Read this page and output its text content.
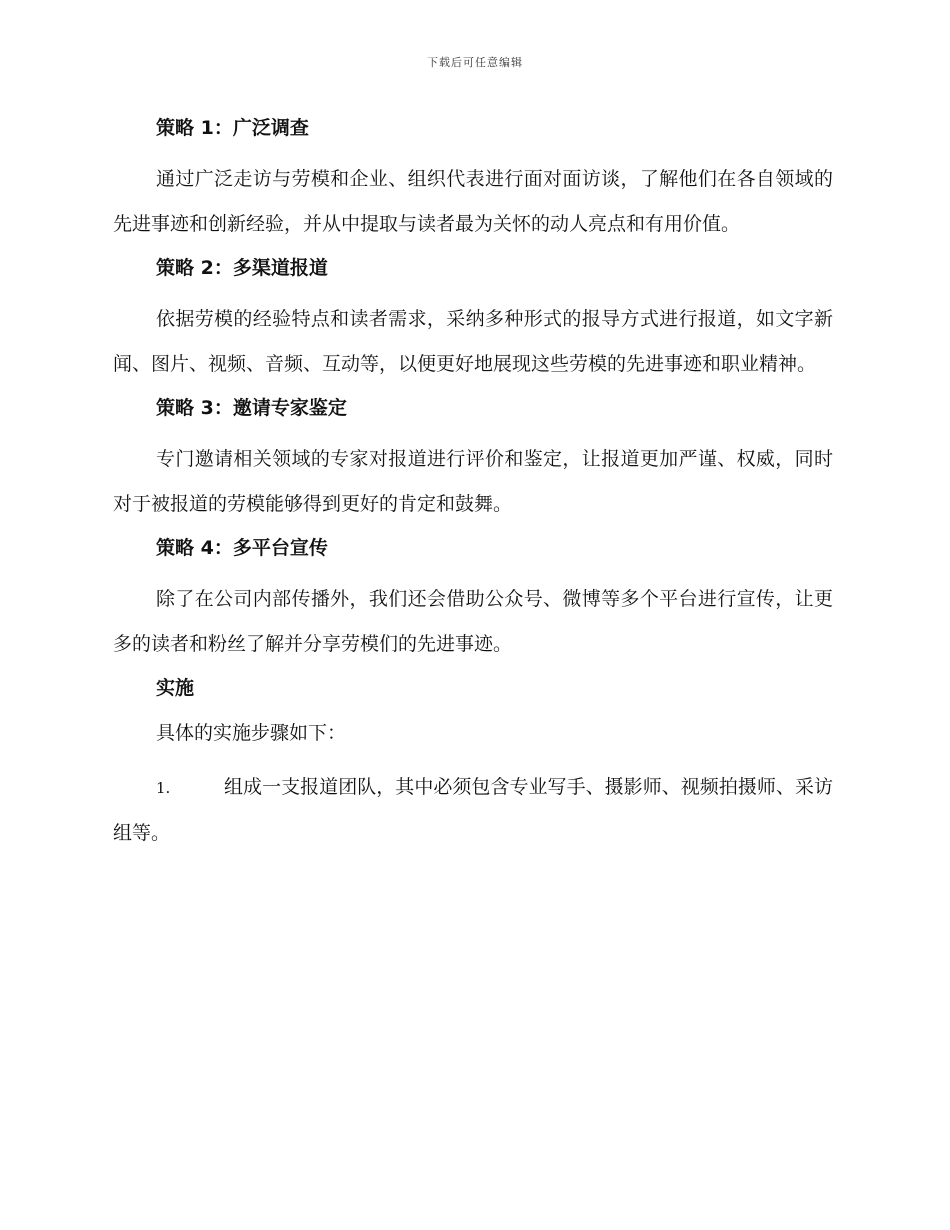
下载后可任意编辑
策略 1：广泛调查

通过广泛走访与劳模和企业、组织代表进行面对面访谈，了解他们在各自领域的先进事迹和创新经验，并从中提取与读者最为关怀的动人亮点和有用价值。

策略 2：多渠道报道

依据劳模的经验特点和读者需求，采纳多种形式的报导方式进行报道，如文字新闻、图片、视频、音频、互动等，以便更好地展现这些劳模的先进事迹和职业精神。

策略 3：邀请专家鉴定

专门邀请相关领域的专家对报道进行评价和鉴定，让报道更加严谨、权威，同时对于被报道的劳模能够得到更好的肯定和鼓舞。

策略 4：多平台宣传

除了在公司内部传播外，我们还会借助公众号、微博等多个平台进行宣传，让更多的读者和粉丝了解并分享劳模们的先进事迹。

实施
具体的实施步骤如下：

1.	组成一支报道团队，其中必须包含专业写手、摄影师、视频拍摄师、采访组等。
